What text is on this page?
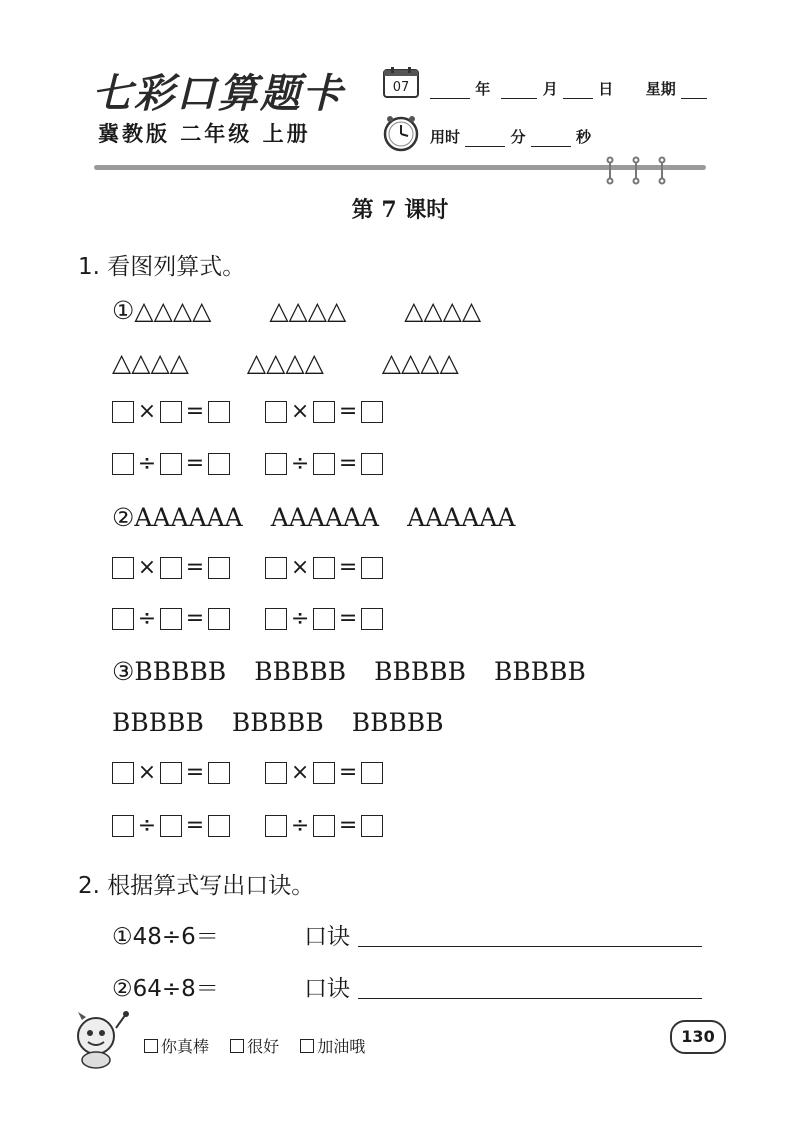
七彩口算题卡
冀教版 二年级 上册
07	年	月	日 星期
用时	分	秒
第 7 课时
1. 看图列算式。
①△△△△ △△△△ △△△△
△△△△ △△△△ △△△△
× =	× =
÷ =	÷ =
②AAAAAA AAAAAA AAAAAA
× =	× =
÷ =	÷ =
③BBBBB BBBBB BBBBB BBBBB
BBBBB BBBBB BBBBB
× =	× =
÷ =	÷ =
2. 根据算式写出口诀。
①48÷6＝	口诀
②64÷8＝	口诀
你真棒 很好 加油哦
130
